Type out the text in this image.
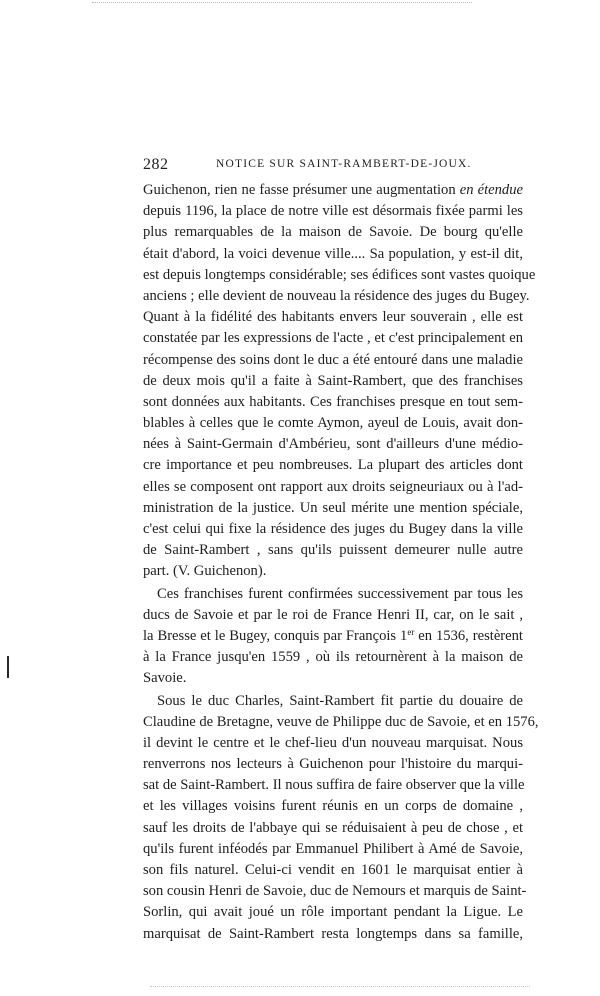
282	NOTICE SUR SAINT-RAMBERT-DE-JOUX.
Guichenon, rien ne fasse présumer une augmentation en étendue
depuis 1196, la place de notre ville est désormais fixée parmi les
plus remarquables de la maison de Savoie. De bourg qu'elle
était d'abord, la voici devenue ville.... Sa population, y est-il dit,
est depuis longtemps considérable; ses édifices sont vastes quoique
anciens ; elle devient de nouveau la résidence des juges du Bugey.
Quant à la fidélité des habitants envers leur souverain , elle est
constatée par les expressions de l'acte , et c'est principalement en
récompense des soins dont le duc a été entouré dans une maladie
de deux mois qu'il a faite à Saint-Rambert, que des franchises
sont données aux habitants. Ces franchises presque en tout sem-
blables à celles que le comte Aymon, ayeul de Louis, avait don-
nées à Saint-Germain d'Ambérieu, sont d'ailleurs d'une médio-
cre importance et peu nombreuses. La plupart des articles dont
elles se composent ont rapport aux droits seigneuriaux ou à l'ad-
ministration de la justice. Un seul mérite une mention spéciale,
c'est celui qui fixe la résidence des juges du Bugey dans la ville
de Saint-Rambert , sans qu'ils puissent demeurer nulle autre
part. (V. Guichenon).
Ces franchises furent confirmées successivement par tous les
ducs de Savoie et par le roi de France Henri II, car, on le sait ,
la Bresse et le Bugey, conquis par François 1er en 1536, restèrent
à la France jusqu'en 1559 , où ils retournèrent à la maison de
Savoie.
Sous le duc Charles, Saint-Rambert fit partie du douaire de
Claudine de Bretagne, veuve de Philippe duc de Savoie, et en 1576,
il devint le centre et le chef-lieu d'un nouveau marquisat. Nous
renverrons nos lecteurs à Guichenon pour l'histoire du marqui-
sat de Saint-Rambert. Il nous suffira de faire observer que la ville
et les villages voisins furent réunis en un corps de domaine ,
sauf les droits de l'abbaye qui se réduisaient à peu de chose , et
qu'ils furent inféodés par Emmanuel Philibert à Amé de Savoie,
son fils naturel. Celui-ci vendit en 1601 le marquisat entier à
son cousin Henri de Savoie, duc de Nemours et marquis de Saint-
Sorlin, qui avait joué un rôle important pendant la Ligue. Le
marquisat de Saint-Rambert resta longtemps dans sa famille,
